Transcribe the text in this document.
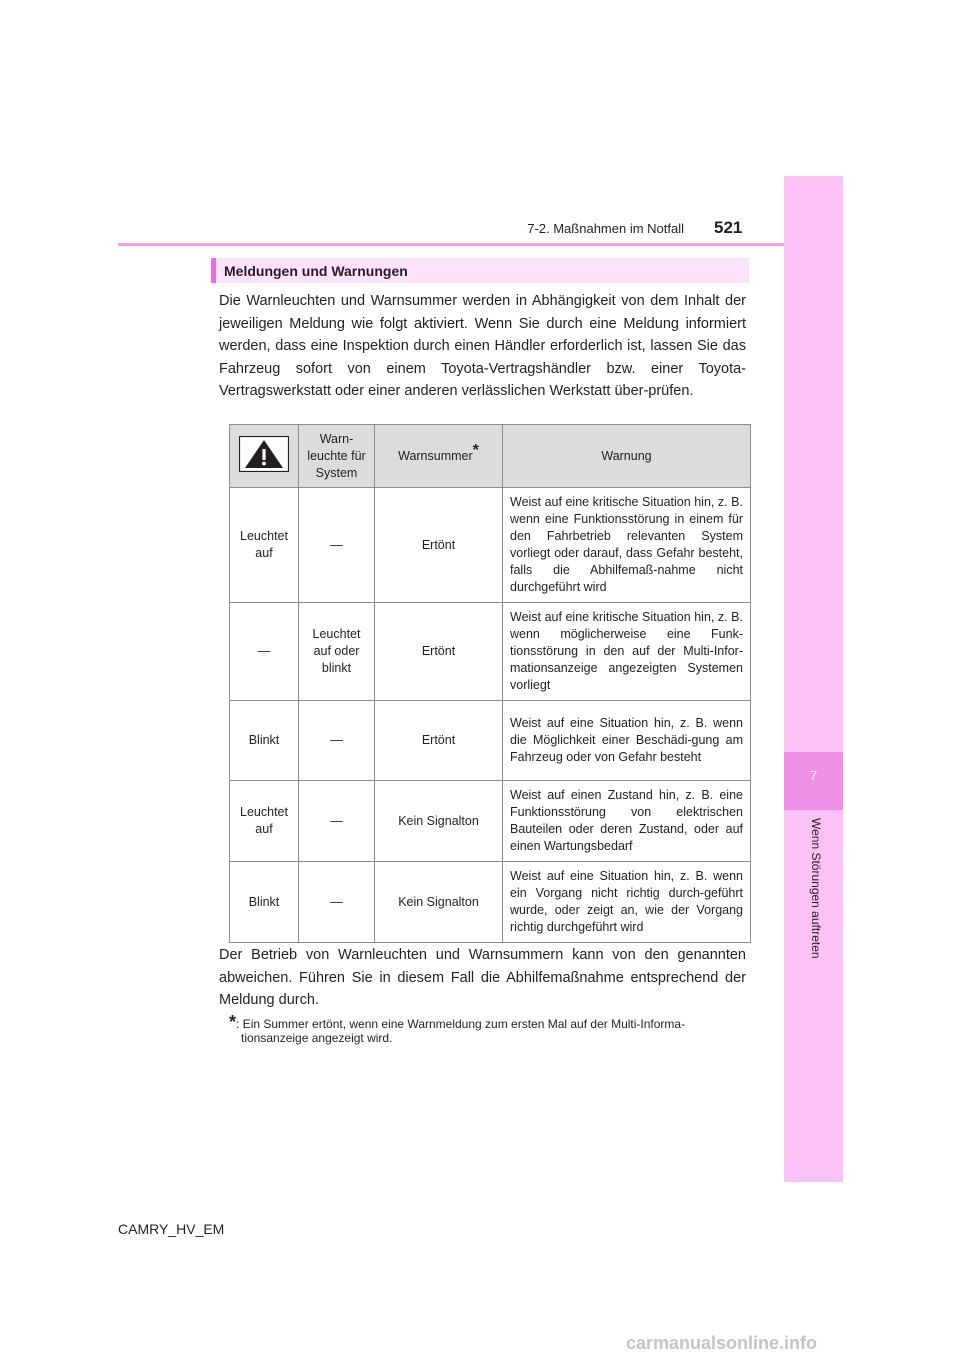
7
Wenn Störungen auftreten
7-2. Maßnahmen im Notfall 521
Meldungen und Warnungen
Die Warnleuchten und Warnsummer werden in Abhängigkeit von dem Inhalt der jeweiligen Meldung wie folgt aktiviert. Wenn Sie durch eine Meldung informiert werden, dass eine Inspektion durch einen Händler erforderlich ist, lassen Sie das Fahrzeug sofort von einem Toyota-Vertragshändler bzw. einer Toyota-Vertragswerkstatt oder einer anderen verlässlichen Werkstatt über-prüfen.
	Warn-leuchte für System	Warnsummer*	Warnung
Leuchtet auf	—	Ertönt	Weist auf eine kritische Situation hin, z. B. wenn eine Funktionsstörung in einem für den Fahrbetrieb relevanten System vorliegt oder darauf, dass Gefahr besteht, falls die Abhilfemaß-nahme nicht durchgeführt wird
—	Leuchtet auf oder blinkt	Ertönt	Weist auf eine kritische Situation hin, z. B. wenn möglicherweise eine Funk-tionsstörung in den auf der Multi-Infor-mationsanzeige angezeigten Systemen vorliegt
Blinkt	—	Ertönt	Weist auf eine Situation hin, z. B. wenn die Möglichkeit einer Beschädi-gung am Fahrzeug oder von Gefahr besteht
Leuchtet auf	—	Kein Signalton	Weist auf einen Zustand hin, z. B. eine Funktionsstörung von elektrischen Bauteilen oder deren Zustand, oder auf einen Wartungsbedarf
Blinkt	—	Kein Signalton	Weist auf eine Situation hin, z. B. wenn ein Vorgang nicht richtig durch-geführt wurde, oder zeigt an, wie der Vorgang richtig durchgeführt wird
Der Betrieb von Warnleuchten und Warnsummern kann von den genannten abweichen. Führen Sie in diesem Fall die Abhilfemaßnahme entsprechend der Meldung durch.
*: Ein Summer ertönt, wenn eine Warnmeldung zum ersten Mal auf der Multi-Informa-
tionsanzeige angezeigt wird.
CAMRY_HV_EM
carmanualsonline.info
